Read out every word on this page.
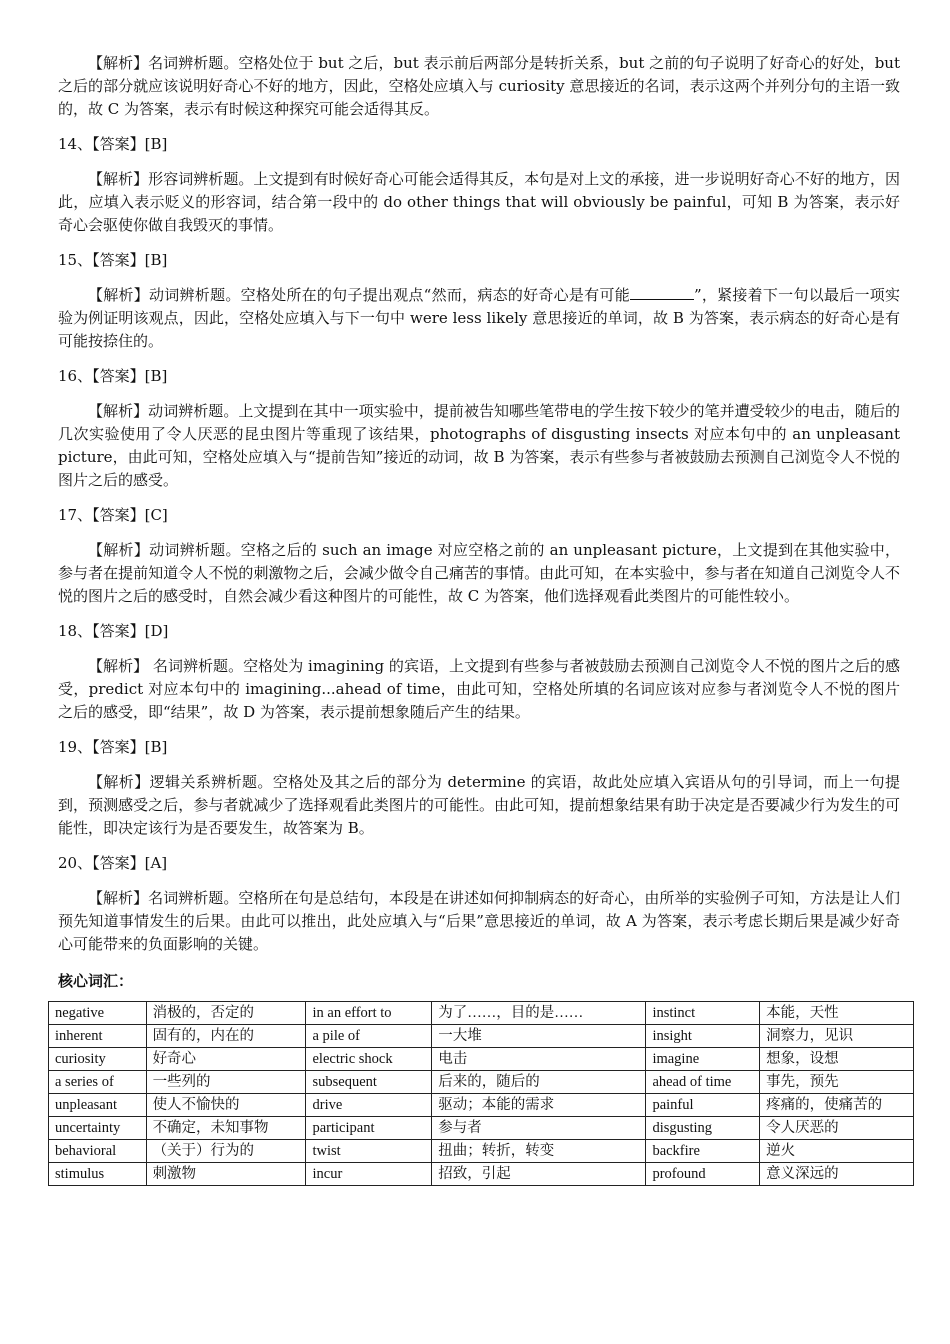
【解析】名词辨析题。空格处位于 but 之后，but 表示前后两部分是转折关系，but 之前的句子说明了好奇心的好处，but 之后的部分就应该说明好奇心不好的地方，因此，空格处应填入与 curiosity 意思接近的名词，表示这两个并列分句的主语一致的，故 C 为答案，表示有时候这种探究可能会适得其反。

14、【答案】[B]

【解析】形容词辨析题。上文提到有时候好奇心可能会适得其反，本句是对上文的承接，进一步说明好奇心不好的地方，因此，应填入表示贬义的形容词，结合第一段中的 do other things that will obviously be painful，可知 B 为答案，表示好奇心会驱使你做自我毁灭的事情。

15、【答案】[B]

【解析】动词辨析题。空格处所在的句子提出观点“然而，病态的好奇心是有可能	”，紧接着下一句以最后一项实验为例证明该观点，因此，空格处应填入与下一句中 were less likely 意思接近的单词，故 B 为答案，表示病态的好奇心是有可能按捺住的。

16、【答案】[B]

【解析】动词辨析题。上文提到在其中一项实验中，提前被告知哪些笔带电的学生按下较少的笔并遭受较少的电击，随后的几次实验使用了令人厌恶的昆虫图片等重现了该结果，photographs of disgusting insects 对应本句中的 an unpleasant picture，由此可知，空格处应填入与“提前告知”接近的动词，故 B 为答案，表示有些参与者被鼓励去预测自己浏览令人不悦的图片之后的感受。

17、【答案】[C]

【解析】动词辨析题。空格之后的 such an image 对应空格之前的 an unpleasant picture，上文提到在其他实验中，参与者在提前知道令人不悦的刺激物之后，会减少做令自己痛苦的事情。由此可知，在本实验中，参与者在知道自己浏览令人不悦的图片之后的感受时，自然会减少看这种图片的可能性，故 C 为答案，他们选择观看此类图片的可能性较小。

18、【答案】[D]

【解析】 名词辨析题。空格处为 imagining 的宾语，上文提到有些参与者被鼓励去预测自己浏览令人不悦的图片之后的感受，predict 对应本句中的 imagining...ahead of time，由此可知，空格处所填的名词应该对应参与者浏览令人不悦的图片之后的感受，即“结果”，故 D 为答案，表示提前想象随后产生的结果。

19、【答案】[B]

【解析】逻辑关系辨析题。空格处及其之后的部分为 determine 的宾语，故此处应填入宾语从句的引导词，而上一句提到，预测感受之后，参与者就减少了选择观看此类图片的可能性。由此可知，提前想象结果有助于决定是否要减少行为发生的可能性，即决定该行为是否要发生，故答案为 B。

20、【答案】[A]

【解析】名词辨析题。空格所在句是总结句，本段是在讲述如何抑制病态的好奇心，由所举的实验例子可知，方法是让人们预先知道事情发生的后果。由此可以推出，此处应填入与“后果”意思接近的单词，故 A 为答案，表示考虑长期后果是减少好奇心可能带来的负面影响的关键。

核心词汇：
negative	消极的，否定的	in an effort to	为了……，目的是……	instinct	本能，天性
inherent	固有的，内在的	a pile of	一大堆	insight	洞察力，见识
curiosity	好奇心	electric shock	电击	imagine	想象，设想
a series of	一些列的	subsequent	后来的，随后的	ahead of time	事先，预先
unpleasant	使人不愉快的	drive	驱动；本能的需求	painful	疼痛的，使痛苦的
uncertainty	不确定，未知事物	participant	参与者	disgusting	令人厌恶的
behavioral	（关于）行为的	twist	扭曲；转折，转变	backfire	逆火
stimulus	刺激物	incur	招致，引起	profound	意义深远的
